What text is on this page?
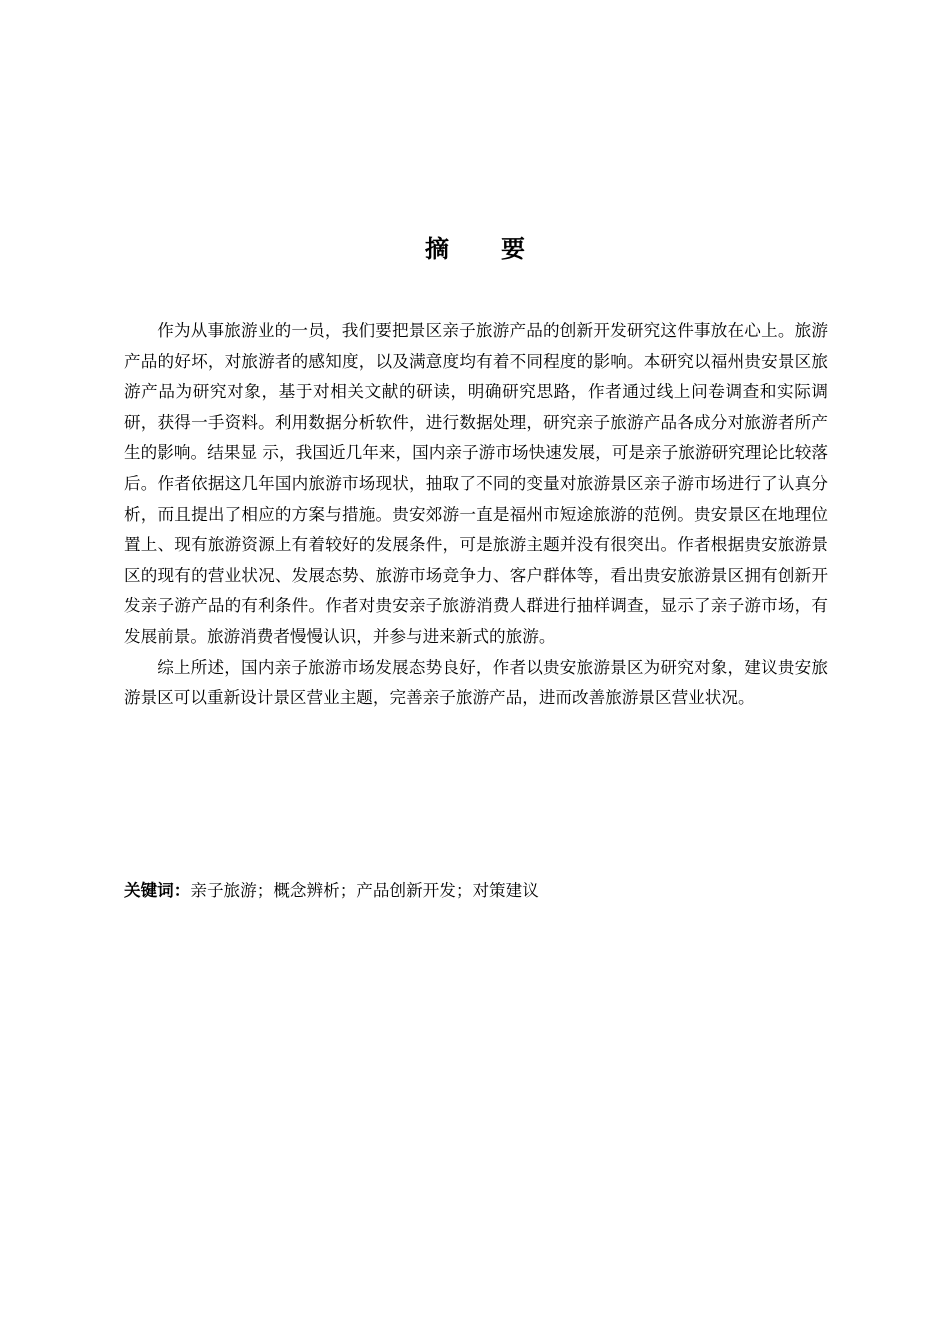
摘 要

作为从事旅游业的一员，我们要把景区亲子旅游产品的创新开发研究这件事放在心上。旅游产品的好坏，对旅游者的感知度，以及满意度均有着不同程度的影响。本研究以福州贵安景区旅游产品为研究对象，基于对相关文献的研读，明确研究思路，作者通过线上问卷调查和实际调研，获得一手资料。利用数据分析软件，进行数据处理，研究亲子旅游产品各成分对旅游者所产生的影响。结果显 示，我国近几年来，国内亲子游市场快速发展，可是亲子旅游研究理论比较落后。作者依据这几年国内旅游市场现状，抽取了不同的变量对旅游景区亲子游市场进行了认真分析，而且提出了相应的方案与措施。贵安郊游一直是福州市短途旅游的范例。贵安景区在地理位置上、现有旅游资源上有着较好的发展条件，可是旅游主题并没有很突出。作者根据贵安旅游景区的现有的营业状况、发展态势、旅游市场竞争力、客户群体等，看出贵安旅游景区拥有创新开发亲子游产品的有利条件。作者对贵安亲子旅游消费人群进行抽样调查，显示了亲子游市场，有发展前景。旅游消费者慢慢认识，并参与进来新式的旅游。

综上所述，国内亲子旅游市场发展态势良好，作者以贵安旅游景区为研究对象，建议贵安旅游景区可以重新设计景区营业主题，完善亲子旅游产品，进而改善旅游景区营业状况。

关键词：亲子旅游；概念辨析；产品创新开发；对策建议
